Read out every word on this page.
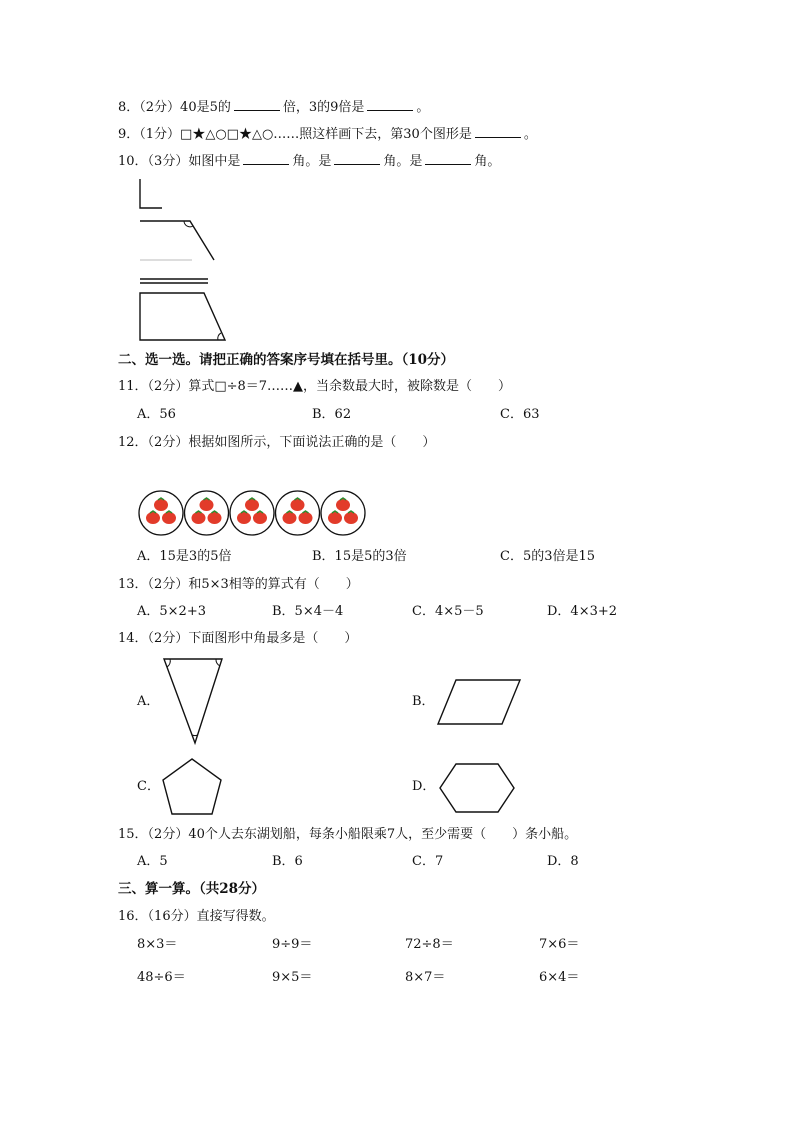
8．（2分）40是5的	倍，3的9倍是	。
9．（1分）□★△○□★△○……照这样画下去，第30个图形是	。
10．（3分）如图中是	角。是	角。是	角。
二、选一选。请把正确的答案序号填在括号里。（10分）
11．（2分）算式□÷8＝7……▲，当余数最大时，被除数是（　　）
A．56	B．62	C．63
12．（2分）根据如图所示，下面说法正确的是（　　）
A．15是3的5倍	B．15是5的3倍	C．5的3倍是15
13．（2分）和5×3相等的算式有（　　）
A．5×2+3	B．5×4－4	C．4×5－5	D．4×3+2
14．（2分）下面图形中角最多是（　　）
A．	B．
C．	D．
15．（2分）40个人去东湖划船，每条小船限乘7人，至少需要（　　）条小船。
A．5	B．6	C．7	D．8
三、算一算。（共28分）
16．（16分）直接写得数。
8×3＝	9÷9＝	72÷8＝	7×6＝
48÷6＝	9×5＝	8×7＝	6×4＝
